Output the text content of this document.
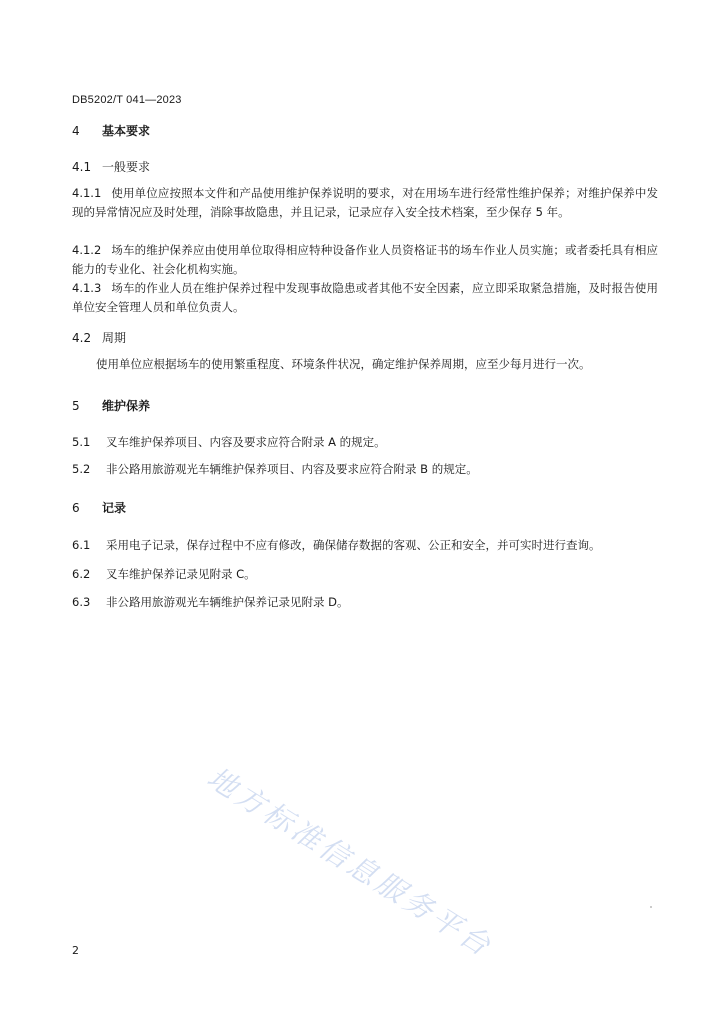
DB5202/T 041—2023
4 基本要求
4.1 一般要求
4.1.1 使用单位应按照本文件和产品使用维护保养说明的要求，对在用场车进行经常性维护保养；对维护保养中发现的异常情况应及时处理，消除事故隐患，并且记录，记录应存入安全技术档案，至少保存 5 年。
4.1.2 场车的维护保养应由使用单位取得相应特种设备作业人员资格证书的场车作业人员实施；或者委托具有相应能力的专业化、社会化机构实施。
4.1.3 场车的作业人员在维护保养过程中发现事故隐患或者其他不安全因素，应立即采取紧急措施，及时报告使用单位安全管理人员和单位负责人。
4.2 周期
使用单位应根据场车的使用繁重程度、环境条件状况，确定维护保养周期，应至少每月进行一次。
5 维护保养
5.1 叉车维护保养项目、内容及要求应符合附录 A 的规定。
5.2 非公路用旅游观光车辆维护保养项目、内容及要求应符合附录 B 的规定。
6 记录
6.1 采用电子记录，保存过程中不应有修改，确保储存数据的客观、公正和安全，并可实时进行查询。
6.2 叉车维护保养记录见附录 C。
6.3 非公路用旅游观光车辆维护保养记录见附录 D。
地方标准信息服务平台
2
